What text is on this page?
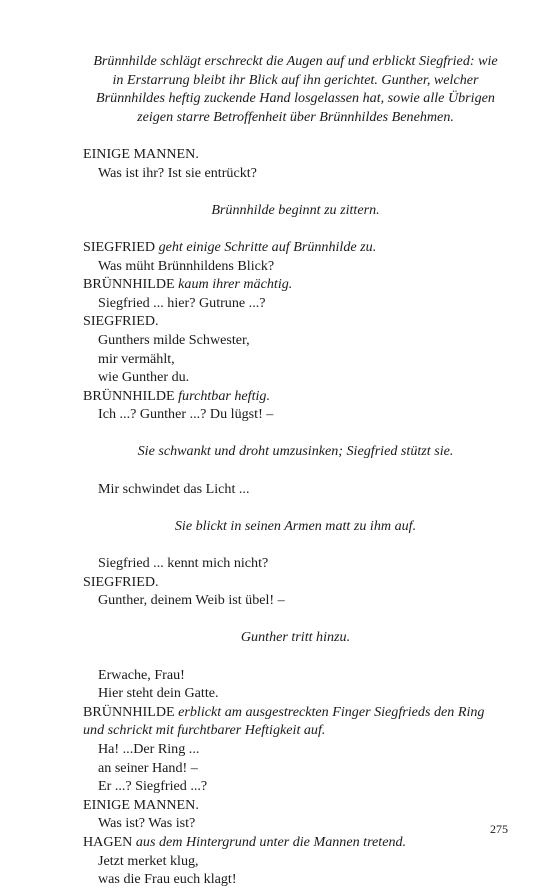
Brünnhilde schlägt erschreckt die Augen auf und erblickt Siegfried: wie
in Erstarrung bleibt ihr Blick auf ihn gerichtet. Gunther, welcher
Brünnhildes heftig zuckende Hand losgelassen hat, sowie alle Übrigen
zeigen starre Betroffenheit über Brünnhildes Benehmen.

EINIGE MANNEN.

Was ist ihr? Ist sie entrückt?

Brünnhilde beginnt zu zittern.

SIEGFRIED geht einige Schritte auf Brünnhilde zu.

Was müht Brünnhildens Blick?

BRÜNNHILDE kaum ihrer mächtig.

Siegfried ... hier? Gutrune ...?

SIEGFRIED.

Gunthers milde Schwester,

mir vermählt,

wie Gunther du.

BRÜNNHILDE furchtbar heftig.

Ich ...? Gunther ...? Du lügst! –

Sie schwankt und droht umzusinken; Siegfried stützt sie.

Mir schwindet das Licht ...

Sie blickt in seinen Armen matt zu ihm auf.

Siegfried ... kennt mich nicht?

SIEGFRIED.

Gunther, deinem Weib ist übel! –

Gunther tritt hinzu.

Erwache, Frau!

Hier steht dein Gatte.

BRÜNNHILDE erblickt am ausgestreckten Finger Siegfrieds den Ring

und schrickt mit furchtbarer Heftigkeit auf.

Ha! ...Der Ring ...

an seiner Hand! –

Er ...? Siegfried ...?

EINIGE MANNEN.

Was ist? Was ist?

HAGEN aus dem Hintergrund unter die Mannen tretend.

Jetzt merket klug,

was die Frau euch klagt!

275
